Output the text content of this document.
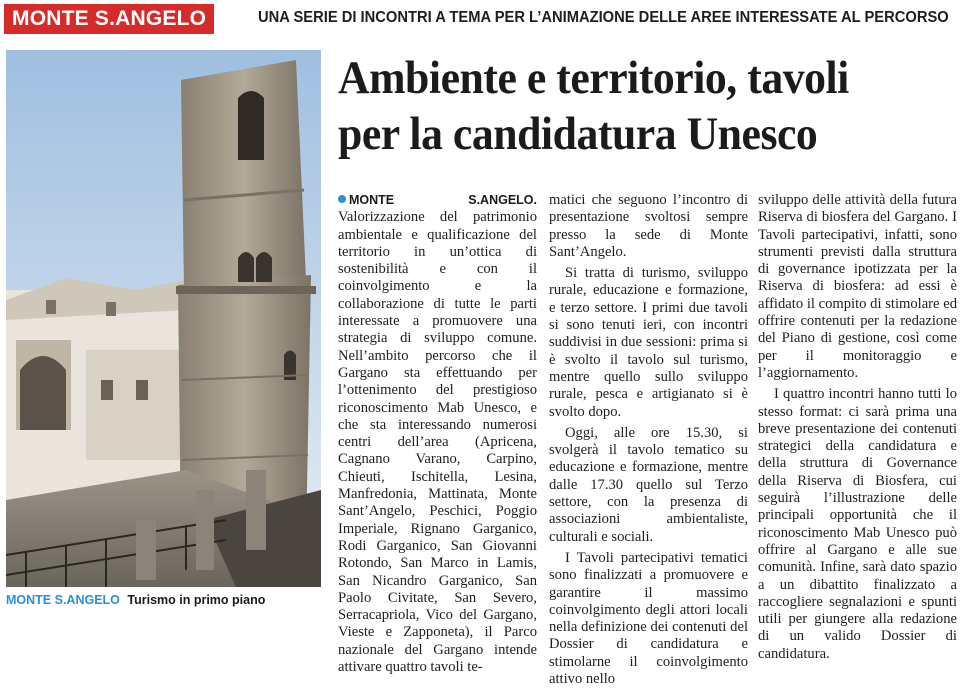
MONTE S.ANGELO	UNA SERIE DI INCONTRI A TEMA PER L’ANIMAZIONE DELLE AREE INTERESSATE AL PERCORSO
MONTE S.ANGELO Turismo in primo piano
Ambiente e territorio, tavoli
per la candidatura Unesco

MONTE S.ANGELO. Valorizzazione del patrimonio ambientale e qualificazione del territorio in un’ottica di sostenibilità e con il coinvolgimento e la collaborazione di tutte le parti interessate a promuovere una strategia di sviluppo comune. Nell’ambito percorso che il Gargano sta effettuando per l’ottenimento del prestigioso riconoscimento Mab Unesco, e che sta interessando numerosi centri dell’area (Apricena, Cagnano Varano, Carpino, Chieuti, Ischitella, Lesina, Manfredonia, Mattinata, Monte Sant’Angelo, Peschici, Poggio Imperiale, Rignano Garganico, Rodi Garganico, San Giovanni Rotondo, San Marco in Lamis, San Nicandro Garganico, San Paolo Civitate, San Severo, Serracapriola, Vico del Gargano, Vieste e Zapponeta), il Parco nazionale del Gargano intende attivare quattro tavoli te-

matici che seguono l’incontro di presentazione svoltosi sempre presso la sede di Monte Sant’Angelo.

Si tratta di turismo, sviluppo rurale, educazione e formazione, e terzo settore. I primi due tavoli si sono tenuti ieri, con incontri suddivisi in due sessioni: prima si è svolto il tavolo sul turismo, mentre quello sullo sviluppo rurale, pesca e artigianato si è svolto dopo.

Oggi, alle ore 15.30, si svolgerà il tavolo tematico su educazione e formazione, mentre dalle 17.30 quello sul Terzo settore, con la presenza di associazioni ambientaliste, culturali e sociali.

I Tavoli partecipativi tematici sono finalizzati a promuovere e garantire il massimo coinvolgimento degli attori locali nella definizione dei contenuti del Dossier di candidatura e stimolarne il coinvolgimento attivo nello

sviluppo delle attività della futura Riserva di biosfera del Gargano. I Tavoli partecipativi, infatti, sono strumenti previsti dalla struttura di governance ipotizzata per la Riserva di biosfera: ad essi è affidato il compito di stimolare ed offrire contenuti per la redazione del Piano di gestione, così come per il monitoraggio e l’aggiornamento.

I quattro incontri hanno tutti lo stesso format: ci sarà prima una breve presentazione dei contenuti strategici della candidatura e della struttura di Governance della Riserva di Biosfera, cui seguirà l’illustrazione delle principali opportunità che il riconoscimento Mab Unesco può offrire al Gargano e alle sue comunità. Infine, sarà dato spazio a un dibattito finalizzato a raccogliere segnalazioni e spunti utili per giungere alla redazione di un valido Dossier di candidatura.
